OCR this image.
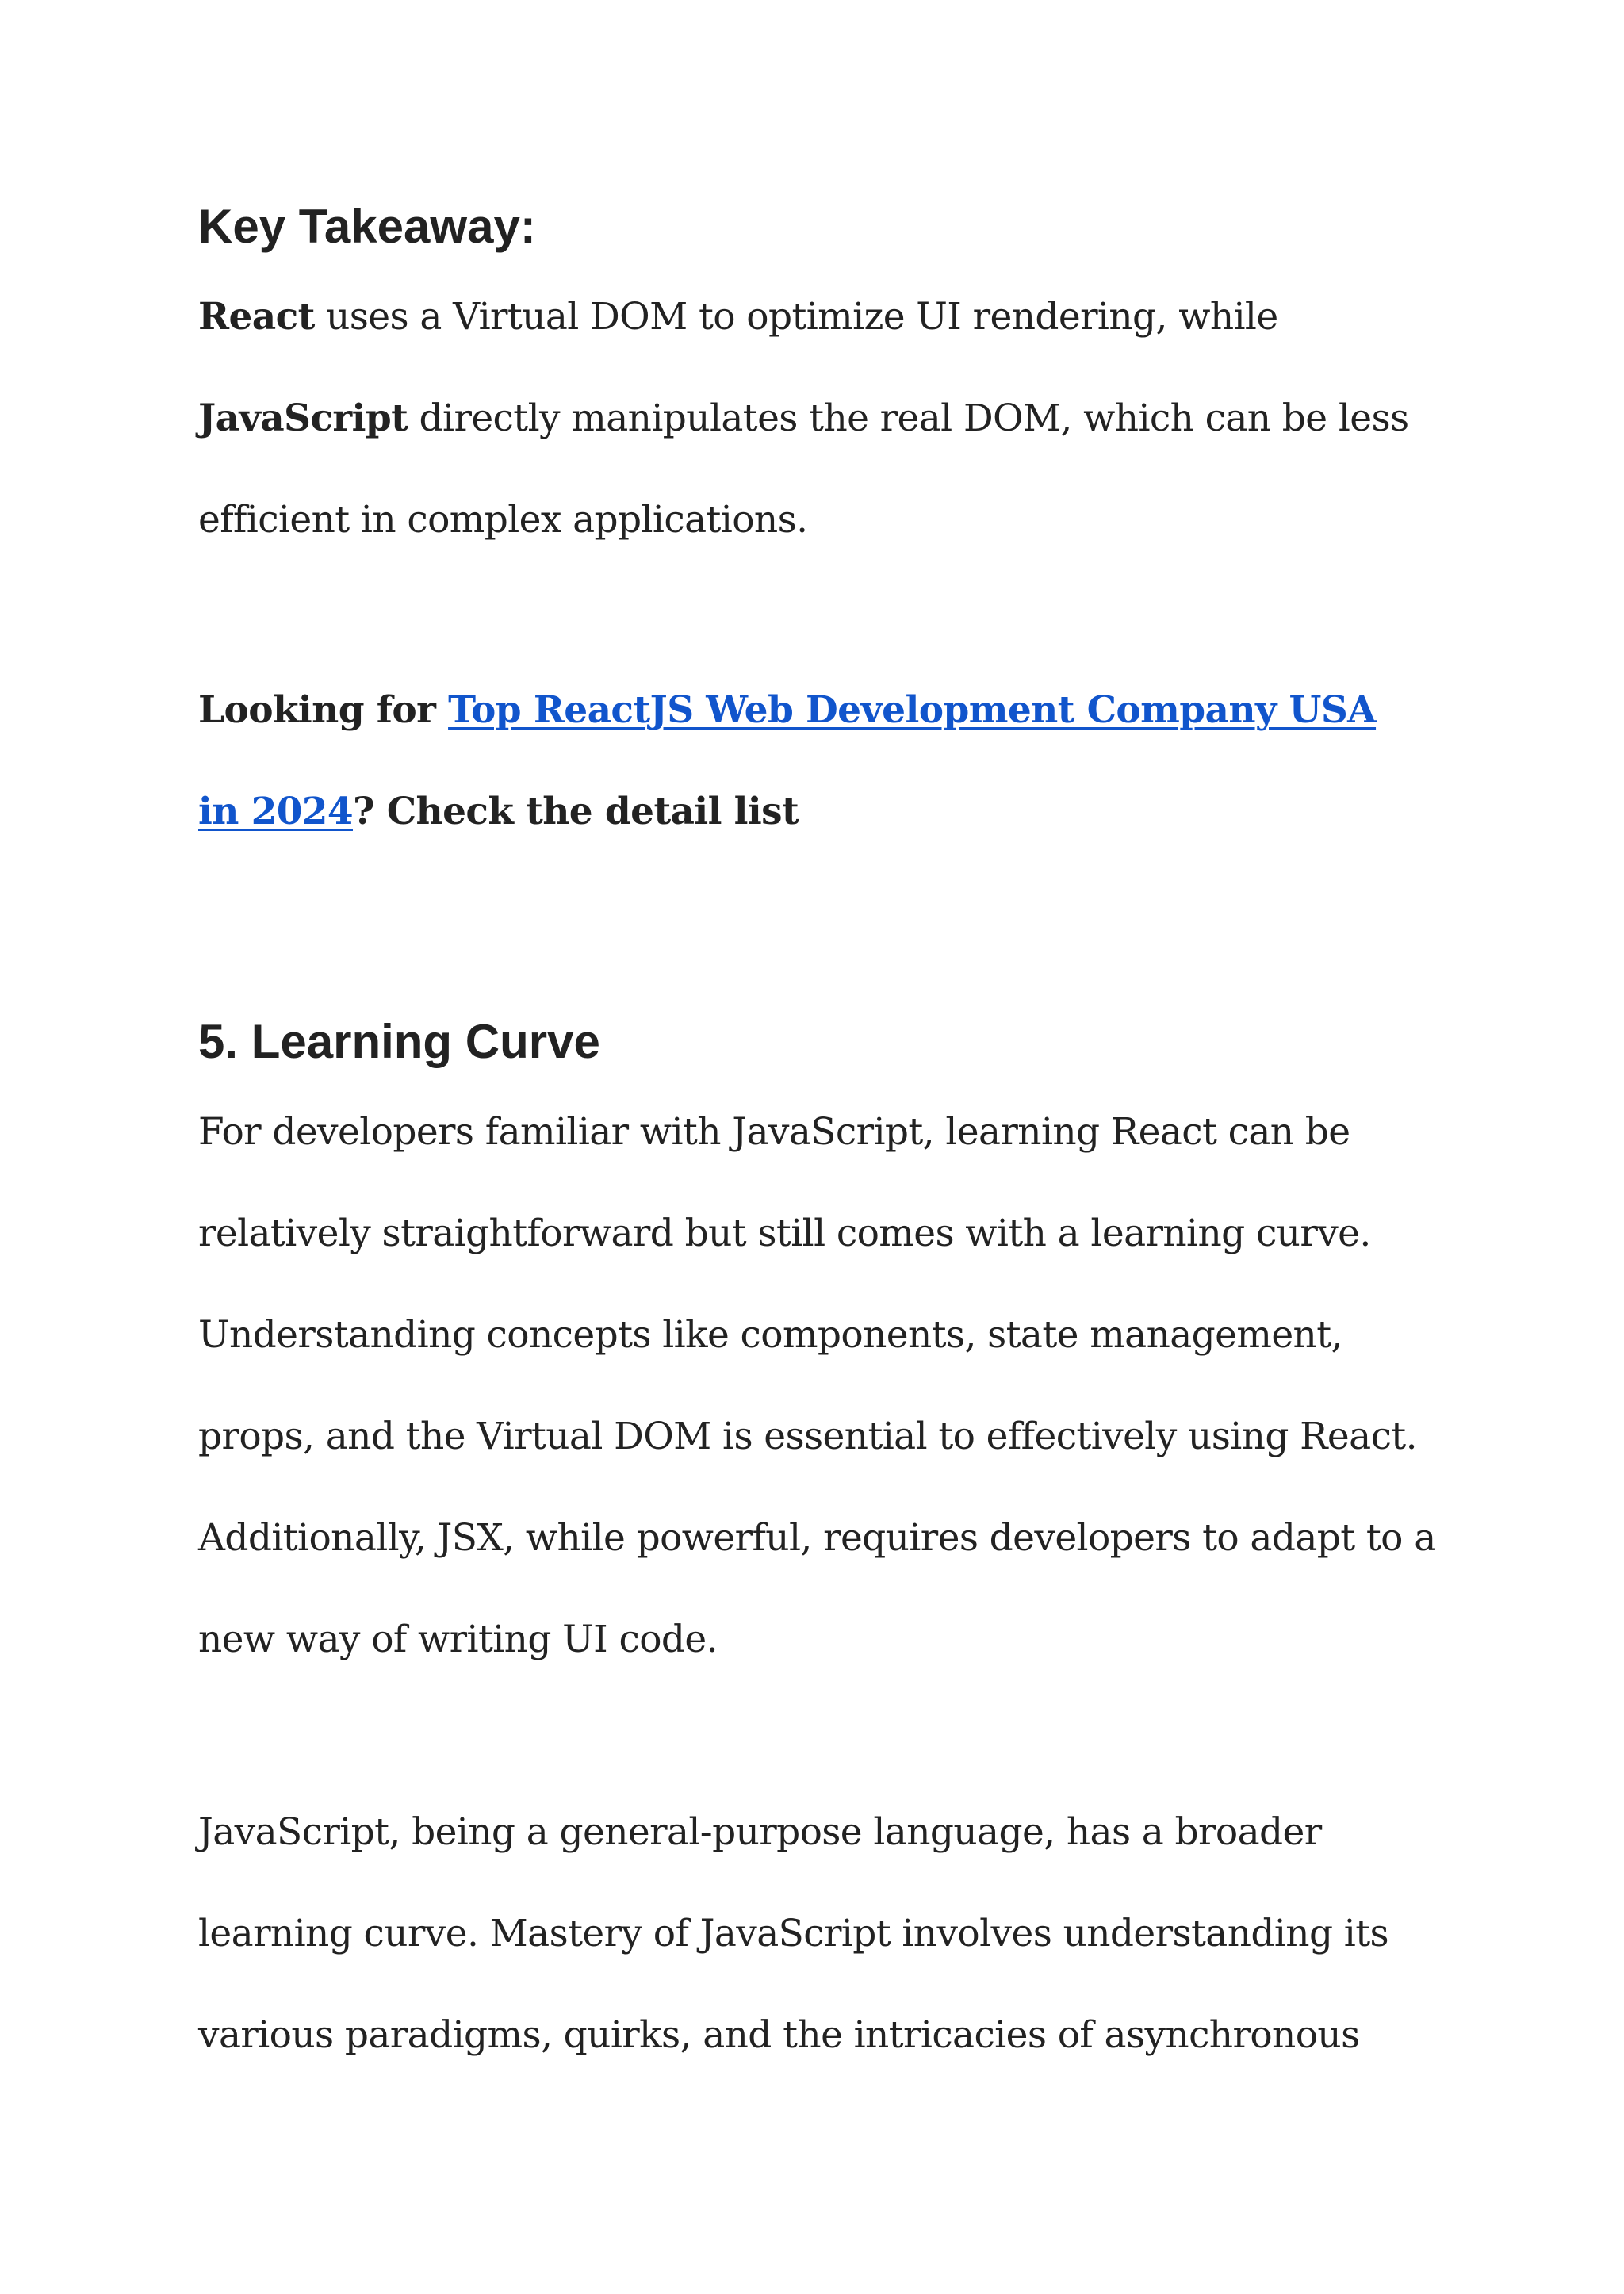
Key Takeaway:
React uses a Virtual DOM to optimize UI rendering, while
JavaScript directly manipulates the real DOM, which can be less
efficient in complex applications.
Looking for Top ReactJS Web Development Company USA
in 2024? Check the detail list
5. Learning Curve
For developers familiar with JavaScript, learning React can be
relatively straightforward but still comes with a learning curve.
Understanding concepts like components, state management,
props, and the Virtual DOM is essential to effectively using React.
Additionally, JSX, while powerful, requires developers to adapt to a
new way of writing UI code.
JavaScript, being a general-purpose language, has a broader
learning curve. Mastery of JavaScript involves understanding its
various paradigms, quirks, and the intricacies of asynchronous
